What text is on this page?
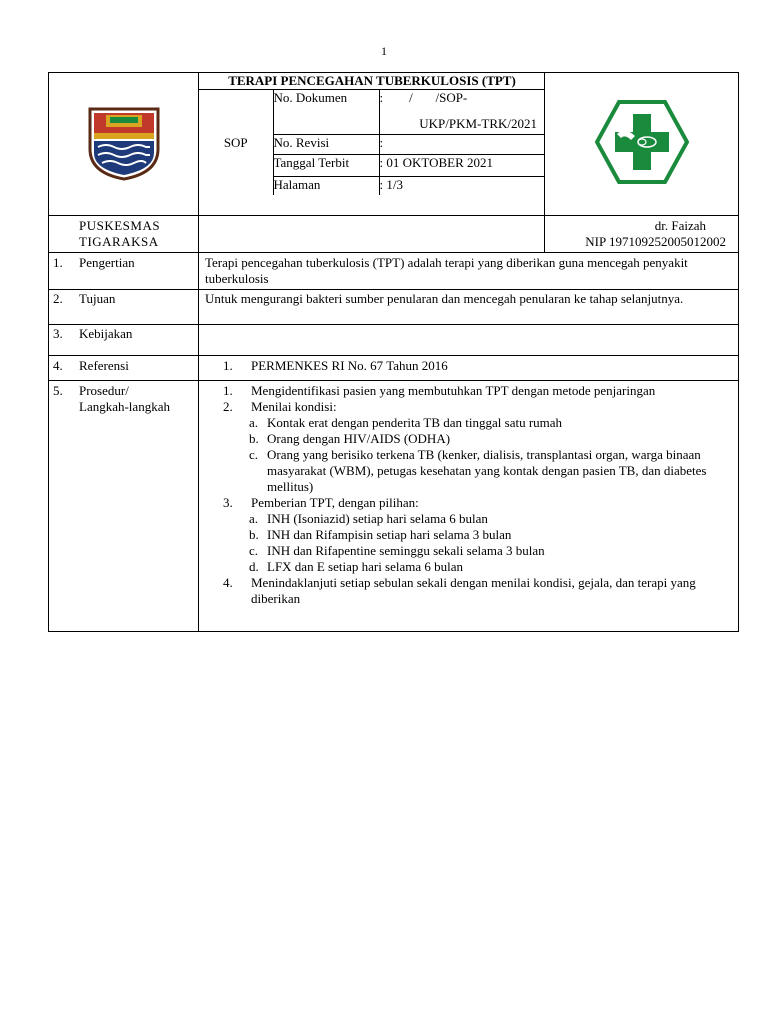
1

TERAPI PENCEGAHAN TUBERKULOSIS (TPT)
SOP	No. Dokumen	:        /       /SOP-
UKP/PKM-TRK/2021

No. Revisi	:
Tanggal Terbit	: 01 OKTOBER 2021
Halaman	: 1/3

PUSKESMAS
TIGARAKSA

dr. Faizah
NIP 197109252005012002

1. Pengertian	Terapi pencegahan tuberkulosis (TPT) adalah terapi yang diberikan guna mencegah penyakit tuberkulosis
2. Tujuan	Untuk mengurangi bakteri sumber penularan dan mencegah penularan ke tahap selanjutnya.
3. Kebijakan	
4. Referensi	1.	PERMENKES RI No. 67 Tahun 2016

5. Prosedur/
Langkah-langkah

1.	Mengidentifikasi pasien yang membutuhkan TPT dengan metode penjaringan
2.	Menilai kondisi:
a. Kontak erat dengan penderita TB dan tinggal satu rumah
b. Orang dengan HIV/AIDS (ODHA)
c. Orang yang berisiko terkena TB (kenker, dialisis, transplantasi organ, warga binaan masyarakat (WBM), petugas kesehatan yang kontak dengan pasien TB, dan diabetes mellitus)
3.	Pemberian TPT, dengan pilihan:
a. INH (Isoniazid) setiap hari selama 6 bulan
b. INH dan Rifampisin setiap hari selama 3 bulan
c. INH dan Rifapentine seminggu sekali selama 3 bulan
d. LFX dan E setiap hari selama 6 bulan
4.	Menindaklanjuti setiap sebulan sekali dengan menilai kondisi, gejala, dan terapi yang diberikan
